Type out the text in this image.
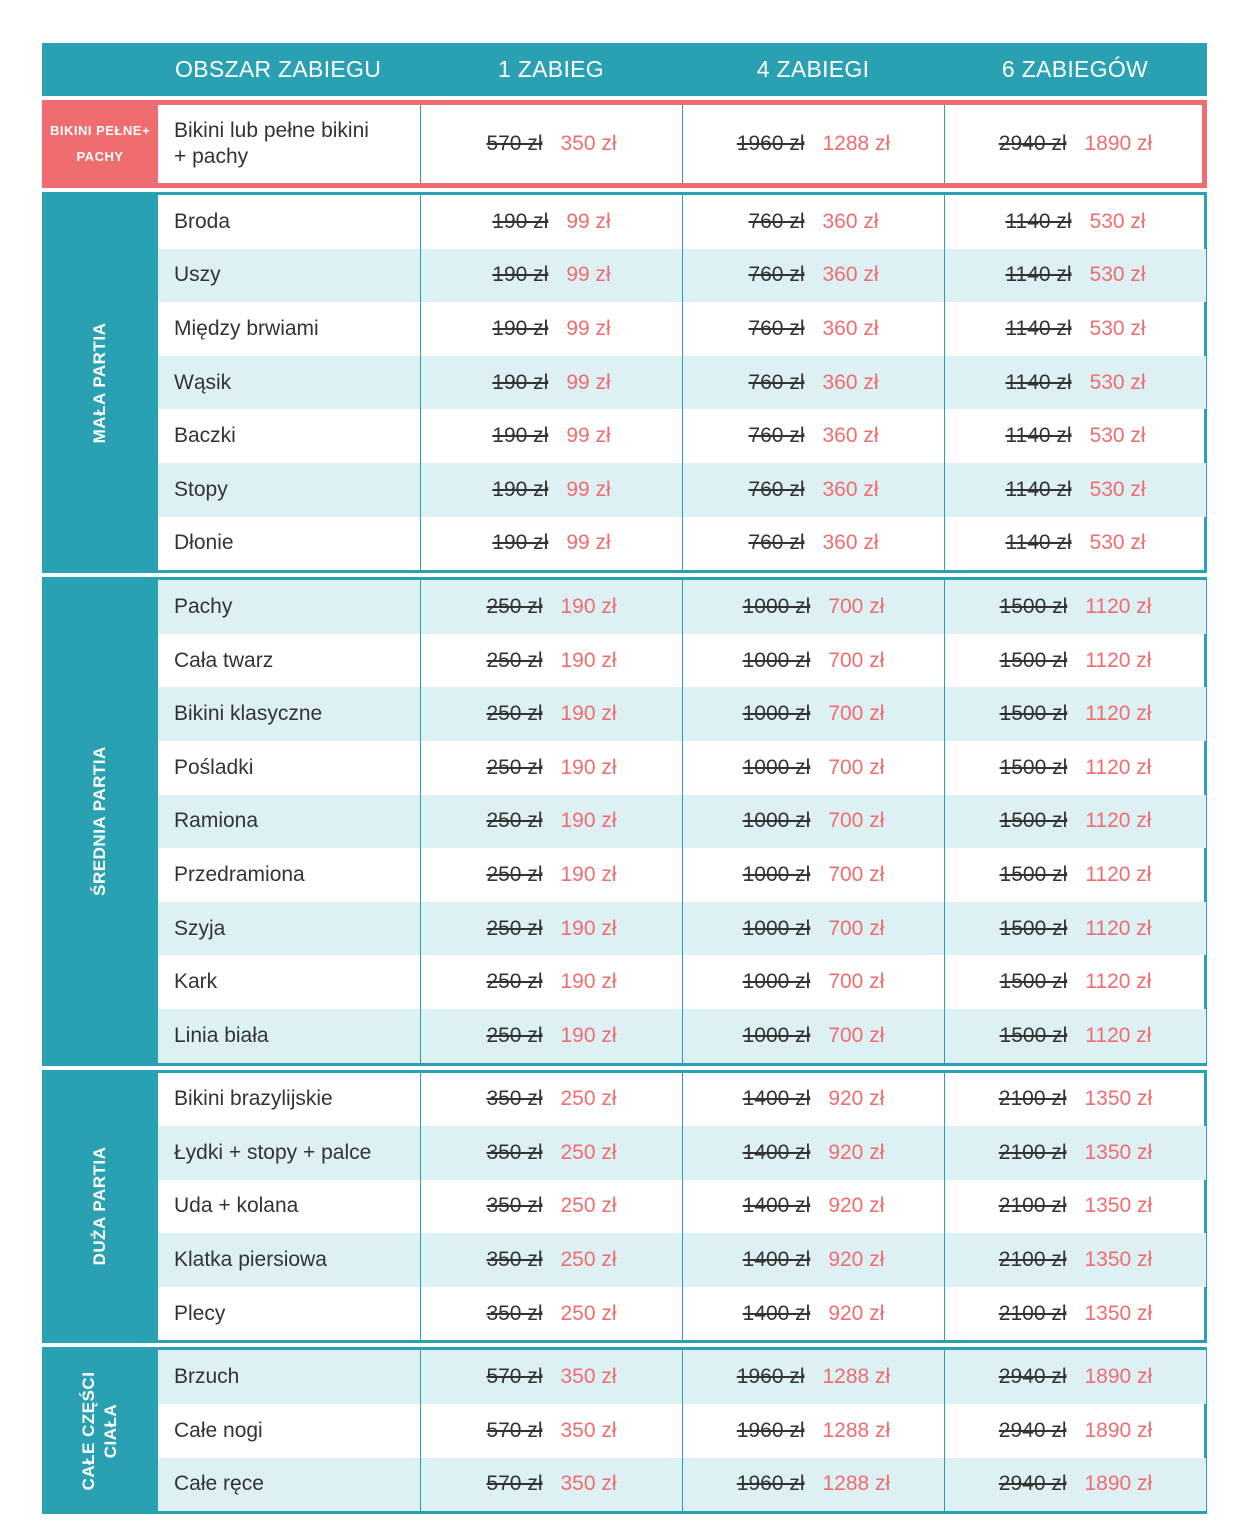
OBSZAR ZABIEGU	1 ZABIEG	4 ZABIEGI	6 ZABIEGÓW
BIKINI PEŁNE+ PACHY
Bikini lub pełne bikini
+ pachy
570 zł 350 zł	1960 zł 1288 zł	2940 zł 1890 zł
MAŁA PARTIA
Broda	190 zł 99 zł	760 zł 360 zł	1140 zł 530 zł
Uszy	190 zł 99 zł	760 zł 360 zł	1140 zł 530 zł
Między brwiami	190 zł 99 zł	760 zł 360 zł	1140 zł 530 zł
Wąsik	190 zł 99 zł	760 zł 360 zł	1140 zł 530 zł
Baczki	190 zł 99 zł	760 zł 360 zł	1140 zł 530 zł
Stopy	190 zł 99 zł	760 zł 360 zł	1140 zł 530 zł
Dłonie	190 zł 99 zł	760 zł 360 zł	1140 zł 530 zł
ŚREDNIA PARTIA
Pachy	250 zł 190 zł	1000 zł 700 zł	1500 zł 1120 zł
Cała twarz	250 zł 190 zł	1000 zł 700 zł	1500 zł 1120 zł
Bikini klasyczne	250 zł 190 zł	1000 zł 700 zł	1500 zł 1120 zł
Pośladki	250 zł 190 zł	1000 zł 700 zł	1500 zł 1120 zł
Ramiona	250 zł 190 zł	1000 zł 700 zł	1500 zł 1120 zł
Przedramiona	250 zł 190 zł	1000 zł 700 zł	1500 zł 1120 zł
Szyja	250 zł 190 zł	1000 zł 700 zł	1500 zł 1120 zł
Kark	250 zł 190 zł	1000 zł 700 zł	1500 zł 1120 zł
Linia biała	250 zł 190 zł	1000 zł 700 zł	1500 zł 1120 zł
DUŻA PARTIA
Bikini brazylijskie	350 zł 250 zł	1400 zł 920 zł	2100 zł 1350 zł
Łydki + stopy + palce	350 zł 250 zł	1400 zł 920 zł	2100 zł 1350 zł
Uda + kolana	350 zł 250 zł	1400 zł 920 zł	2100 zł 1350 zł
Klatka piersiowa	350 zł 250 zł	1400 zł 920 zł	2100 zł 1350 zł
Plecy	350 zł 250 zł	1400 zł 920 zł	2100 zł 1350 zł
CAŁE CZĘŚCI CIAŁA
Brzuch	570 zł 350 zł	1960 zł 1288 zł	2940 zł 1890 zł
Całe nogi	570 zł 350 zł	1960 zł 1288 zł	2940 zł 1890 zł
Całe ręce	570 zł 350 zł	1960 zł 1288 zł	2940 zł 1890 zł
